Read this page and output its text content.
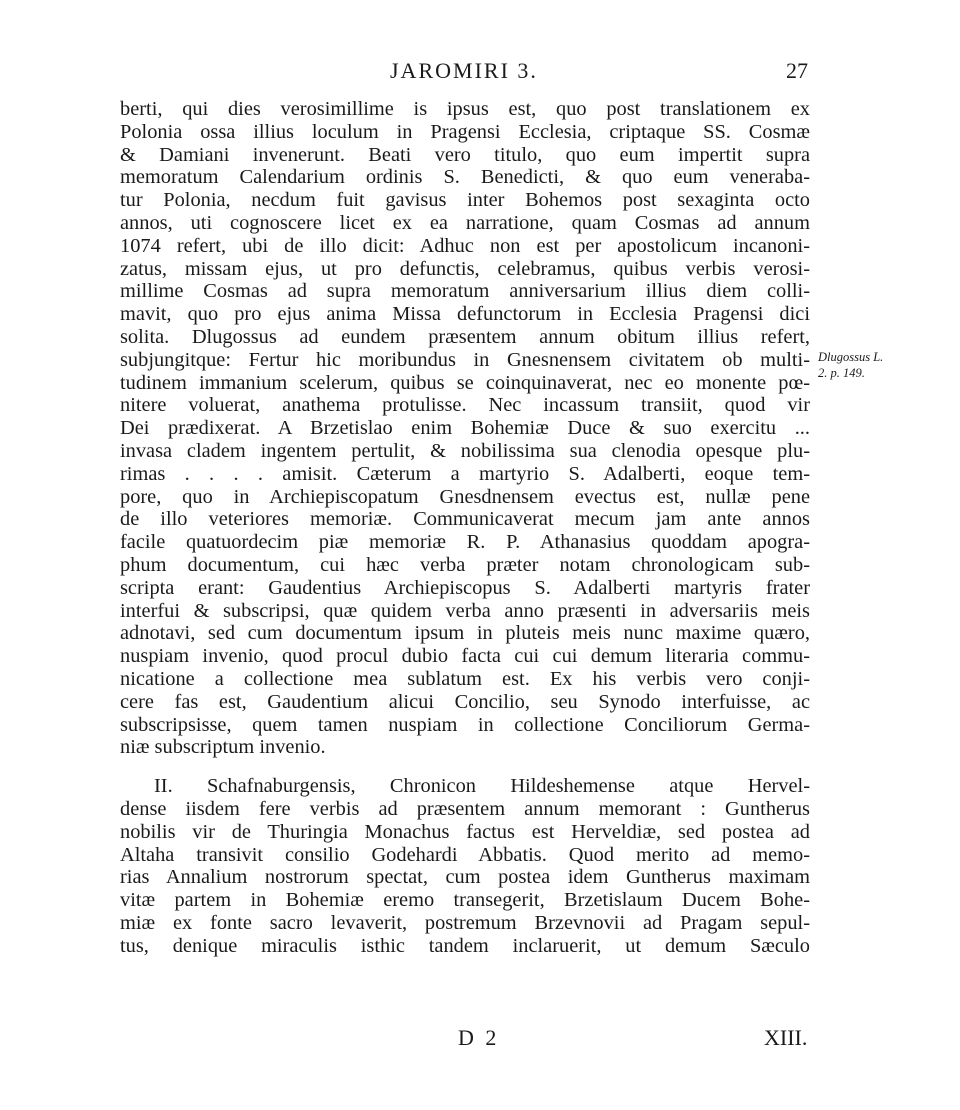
JAROMIRI 3.	27
berti, qui dies verosimillime is ipsus est, quo post translationem ex
Polonia ossa illius loculum in Pragensi Ecclesia, criptaque SS. Cosmæ
& Damiani invenerunt. Beati vero titulo, quo eum impertit supra
memoratum Calendarium ordinis S. Benedicti, & quo eum veneraba-
tur Polonia, necdum fuit gavisus inter Bohemos post sexaginta octo
annos, uti cognoscere licet ex ea narratione, quam Cosmas ad annum
1074 refert, ubi de illo dicit: Adhuc non est per apostolicum incanoni-
zatus, missam ejus, ut pro defunctis, celebramus, quibus verbis verosi-
millime Cosmas ad supra memoratum anniversarium illius diem colli-
mavit, quo pro ejus anima Missa defunctorum in Ecclesia Pragensi dici
solita. Dlugossus ad eundem præsentem annum obitum illius refert,
subjungitque: Fertur hic moribundus in Gnesnensem civitatem ob multi-
tudinem immanium scelerum, quibus se coinquinaverat, nec eo monente pœ-
nitere voluerat, anathema protulisse. Nec incassum transiit, quod vir
Dei prædixerat. A Brzetislao enim Bohemiæ Duce & suo exercitu ...
invasa cladem ingentem pertulit, & nobilissima sua clenodia opesque plu-
rimas . . . . amisit. Cæterum a martyrio S. Adalberti, eoque tem-
pore, quo in Archiepiscopatum Gnesdnensem evectus est, nullæ pene
de illo veteriores memoriæ. Communicaverat mecum jam ante annos
facile quatuordecim piæ memoriæ R. P. Athanasius quoddam apogra-
phum documentum, cui hæc verba præter notam chronologicam sub-
scripta erant: Gaudentius Archiepiscopus S. Adalberti martyris frater
interfui & subscripsi, quæ quidem verba anno præsenti in adversariis meis
adnotavi, sed cum documentum ipsum in pluteis meis nunc maxime quæro,
nuspiam invenio, quod procul dubio facta cui cui demum literaria commu-
nicatione a collectione mea sublatum est. Ex his verbis vero conji-
cere fas est, Gaudentium alicui Concilio, seu Synodo interfuisse, ac
subscripsisse, quem tamen nuspiam in collectione Conciliorum Germa-
niæ subscriptum invenio.
II. Schafnaburgensis, Chronicon Hildeshemense atque Hervel-
dense iisdem fere verbis ad præsentem annum memorant : Guntherus
nobilis vir de Thuringia Monachus factus est Herveldiæ, sed postea ad
Altaha transivit consilio Godehardi Abbatis. Quod merito ad memo-
rias Annalium nostrorum spectat, cum postea idem Guntherus maximam
vitæ partem in Bohemiæ eremo transegerit, Brzetislaum Ducem Bohe-
miæ ex fonte sacro levaverit, postremum Brzevnovii ad Pragam sepul-
tus, denique miraculis isthic tandem inclaruerit, ut demum Sæculo
Dlugossus L.
2. p. 149.
D 2	XIII.
